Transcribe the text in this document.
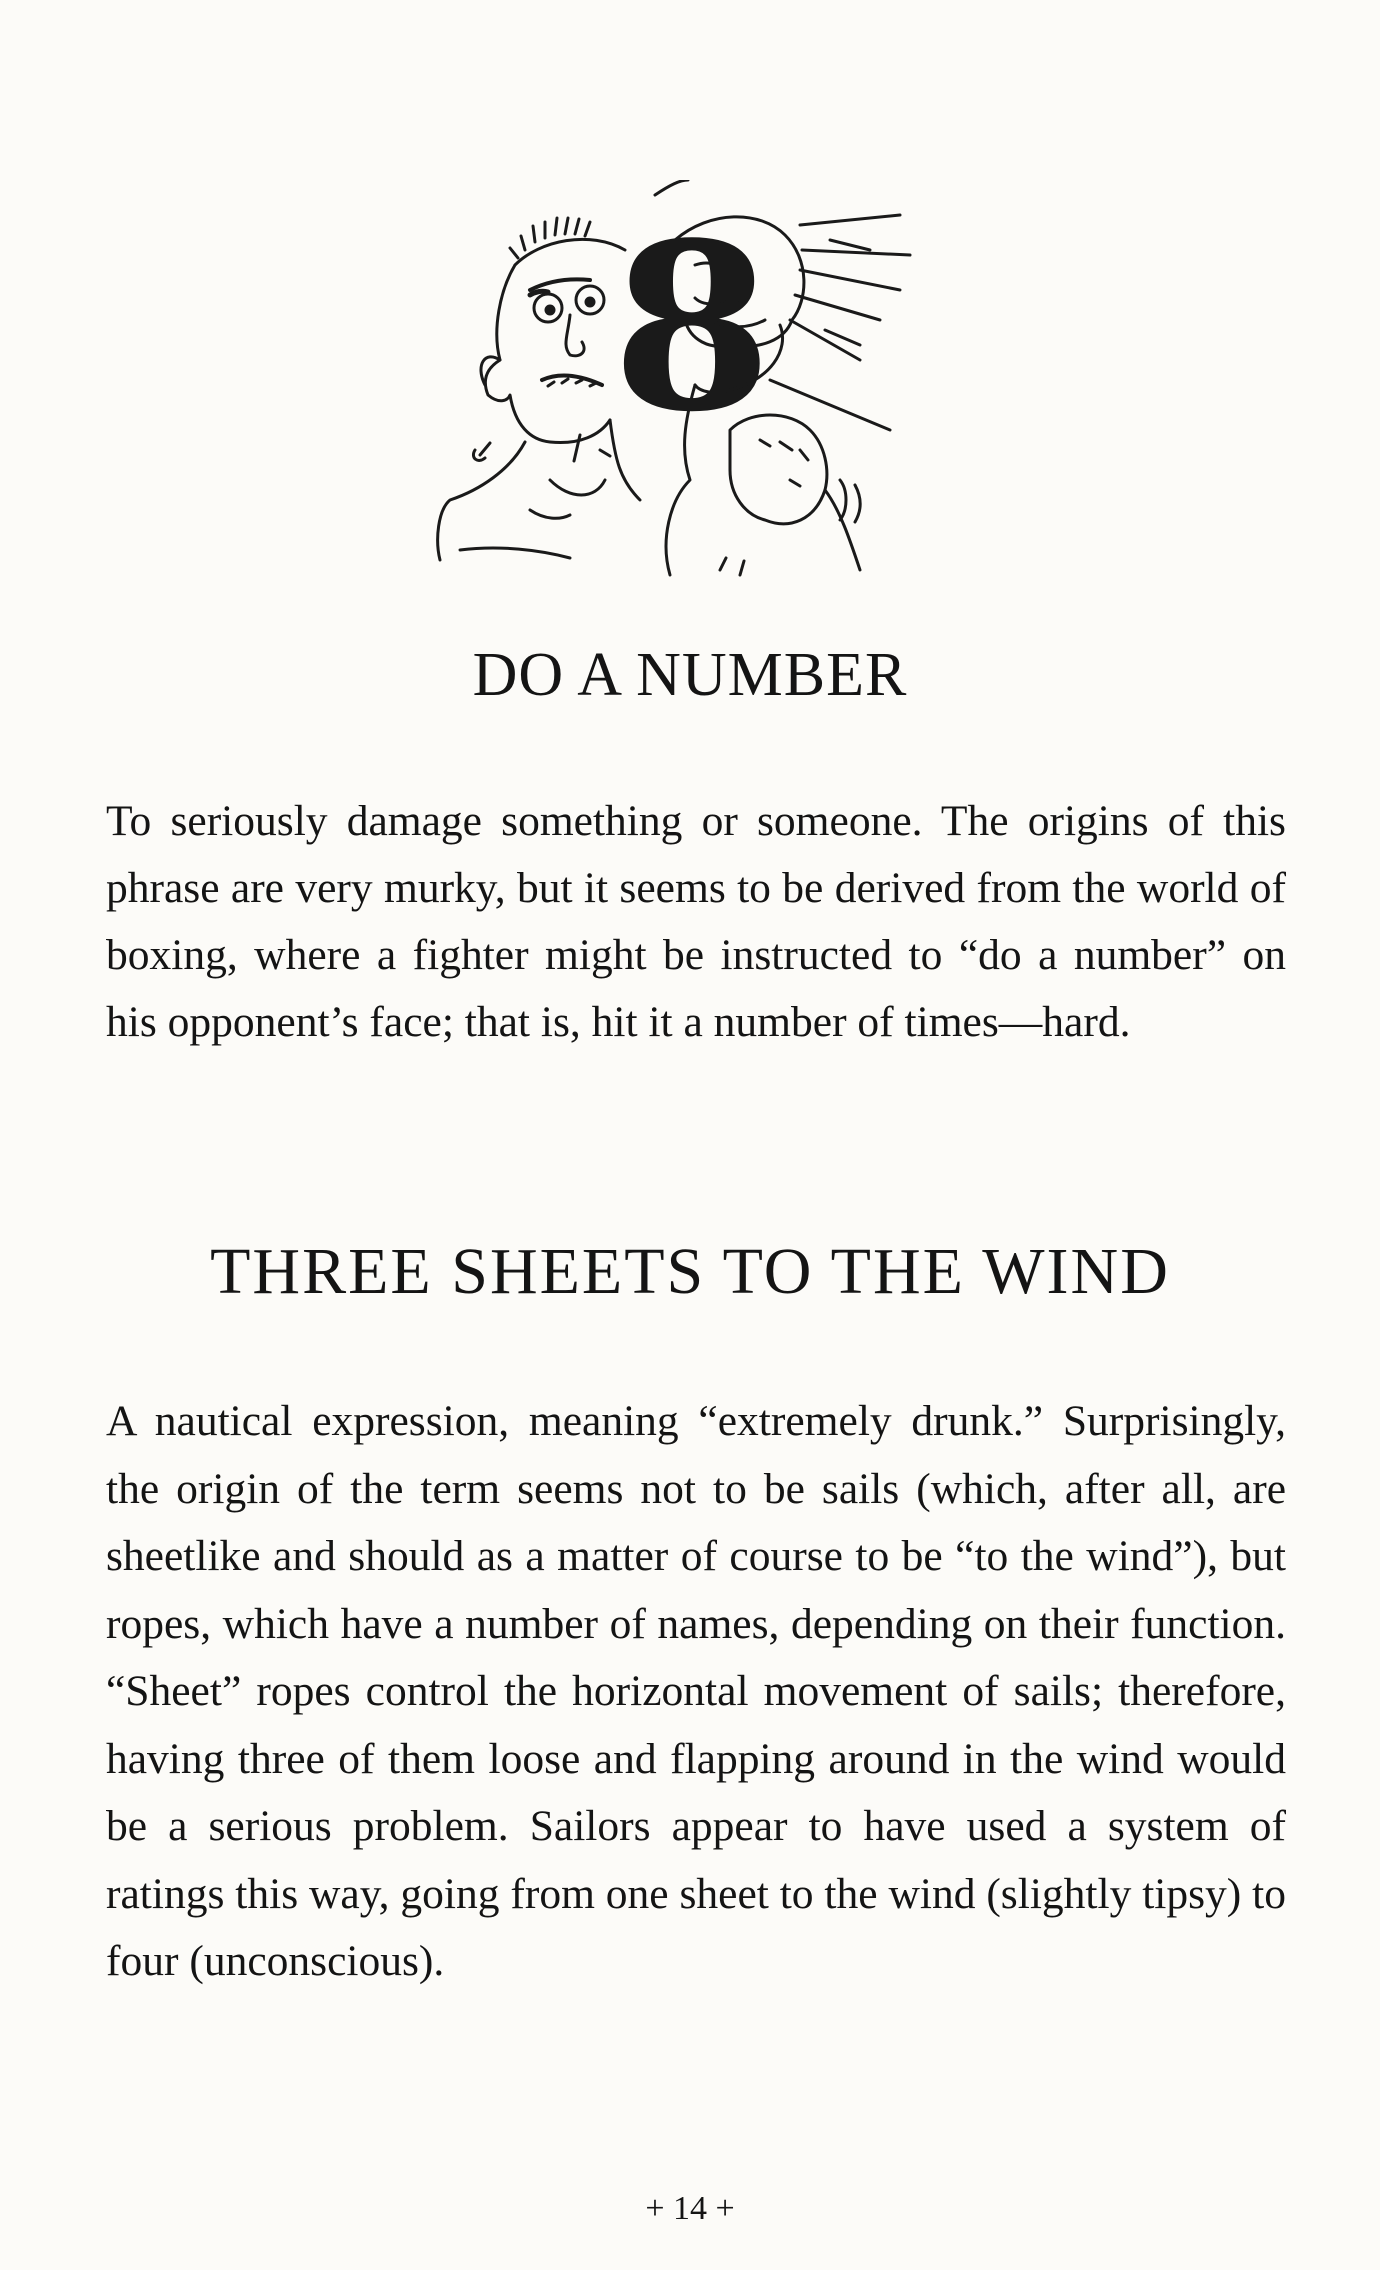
8
DO A NUMBER

To seriously damage something or someone. The origins of this phrase are very murky, but it seems to be derived from the world of boxing, where a fighter might be instructed to “do a number” on his opponent’s face; that is, hit it a number of times—hard.

THREE SHEETS TO THE WIND

A nautical expression, meaning “extremely drunk.” Surprisingly, the origin of the term seems not to be sails (which, after all, are sheetlike and should as a matter of course to be “to the wind”), but ropes, which have a number of names, depending on their function. “Sheet” ropes control the horizontal movement of sails; therefore, having three of them loose and flapping around in the wind would be a serious problem. Sailors appear to have used a system of ratings this way, going from one sheet to the wind (slightly tipsy) to four (unconscious).

+ 14 +
